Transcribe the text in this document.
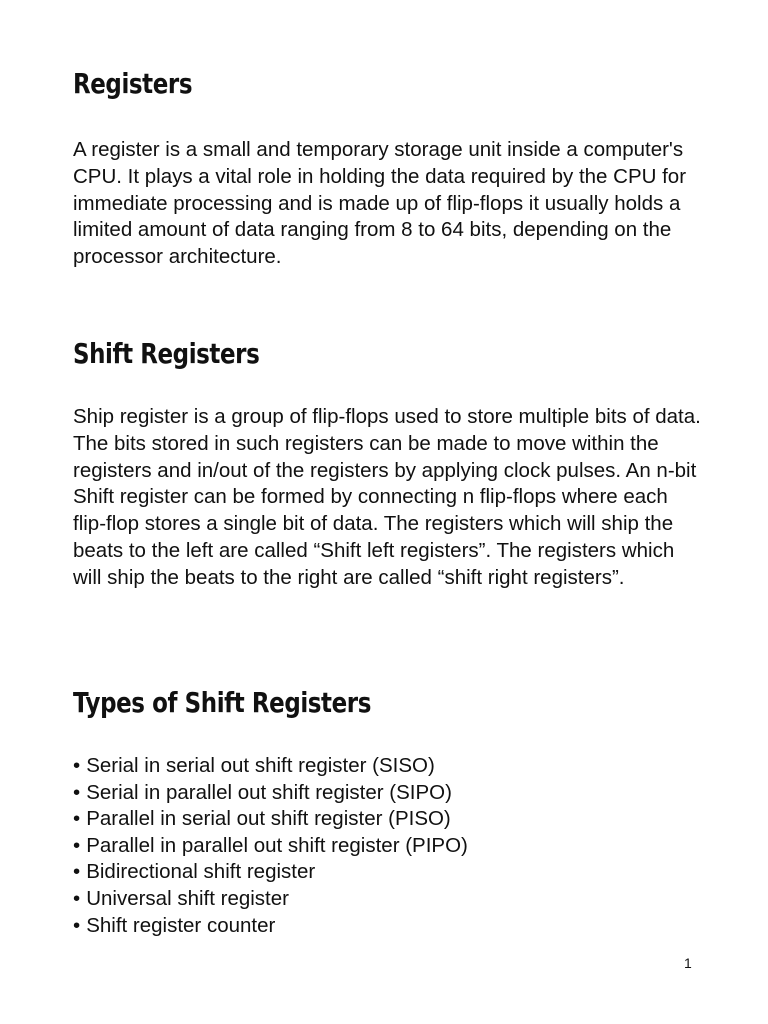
Registers

A register is a small and temporary storage unit inside a computer's CPU. It plays a vital role in holding the data required by the CPU for immediate processing and is made up of flip-flops it usually holds a limited amount of data ranging from 8 to 64 bits, depending on the processor architecture.

Shift Registers

Ship register is a group of flip-flops used to store multiple bits of data. The bits stored in such registers can be made to move within the registers and in/out of the registers by applying clock pulses. An n-bit Shift register can be formed by connecting n flip-flops where each flip-flop stores a single bit of data. The registers which will ship the beats to the left are called “Shift left registers”. The registers which will ship the beats to the right are called “shift right registers”.

Types of Shift Registers
• Serial in serial out shift register (SISO)
• Serial in parallel out shift register (SIPO)
• Parallel in serial out shift register (PISO)
• Parallel in parallel out shift register (PIPO)
• Bidirectional shift register
• Universal shift register
• Shift register counter
1
